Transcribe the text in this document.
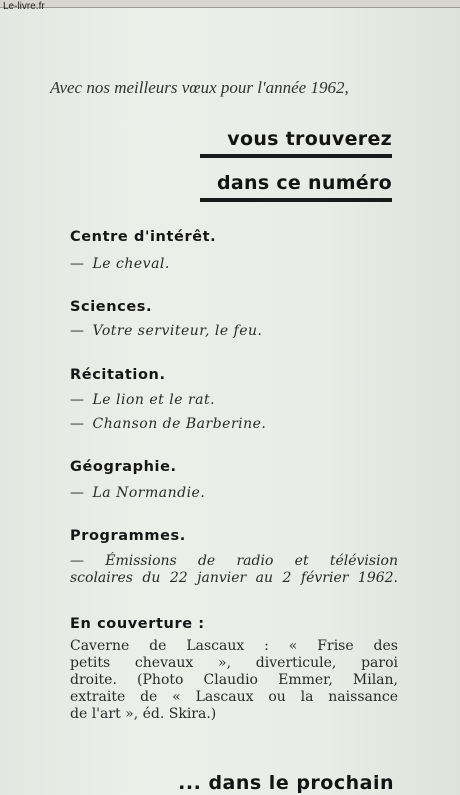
Le-livre.fr
Avec nos meilleurs vœux pour l'année 1962,
vous trouverez
dans ce numéro
Centre d'intérêt.
— Le cheval.
Sciences.
— Votre serviteur, le feu.
Récitation.
— Le lion et le rat.
— Chanson de Barberine.
Géographie.
— La Normandie.
Programmes.
— Émissions de radio et télévision
scolaires du 22 janvier au 2 février 1962.
En couverture :
Caverne de Lascaux : « Frise des
petits chevaux », diverticule, paroi
droite. (Photo Claudio Emmer, Milan,
extraite de « Lascaux ou la naissance
de l'art », éd. Skira.)
... dans le prochain
